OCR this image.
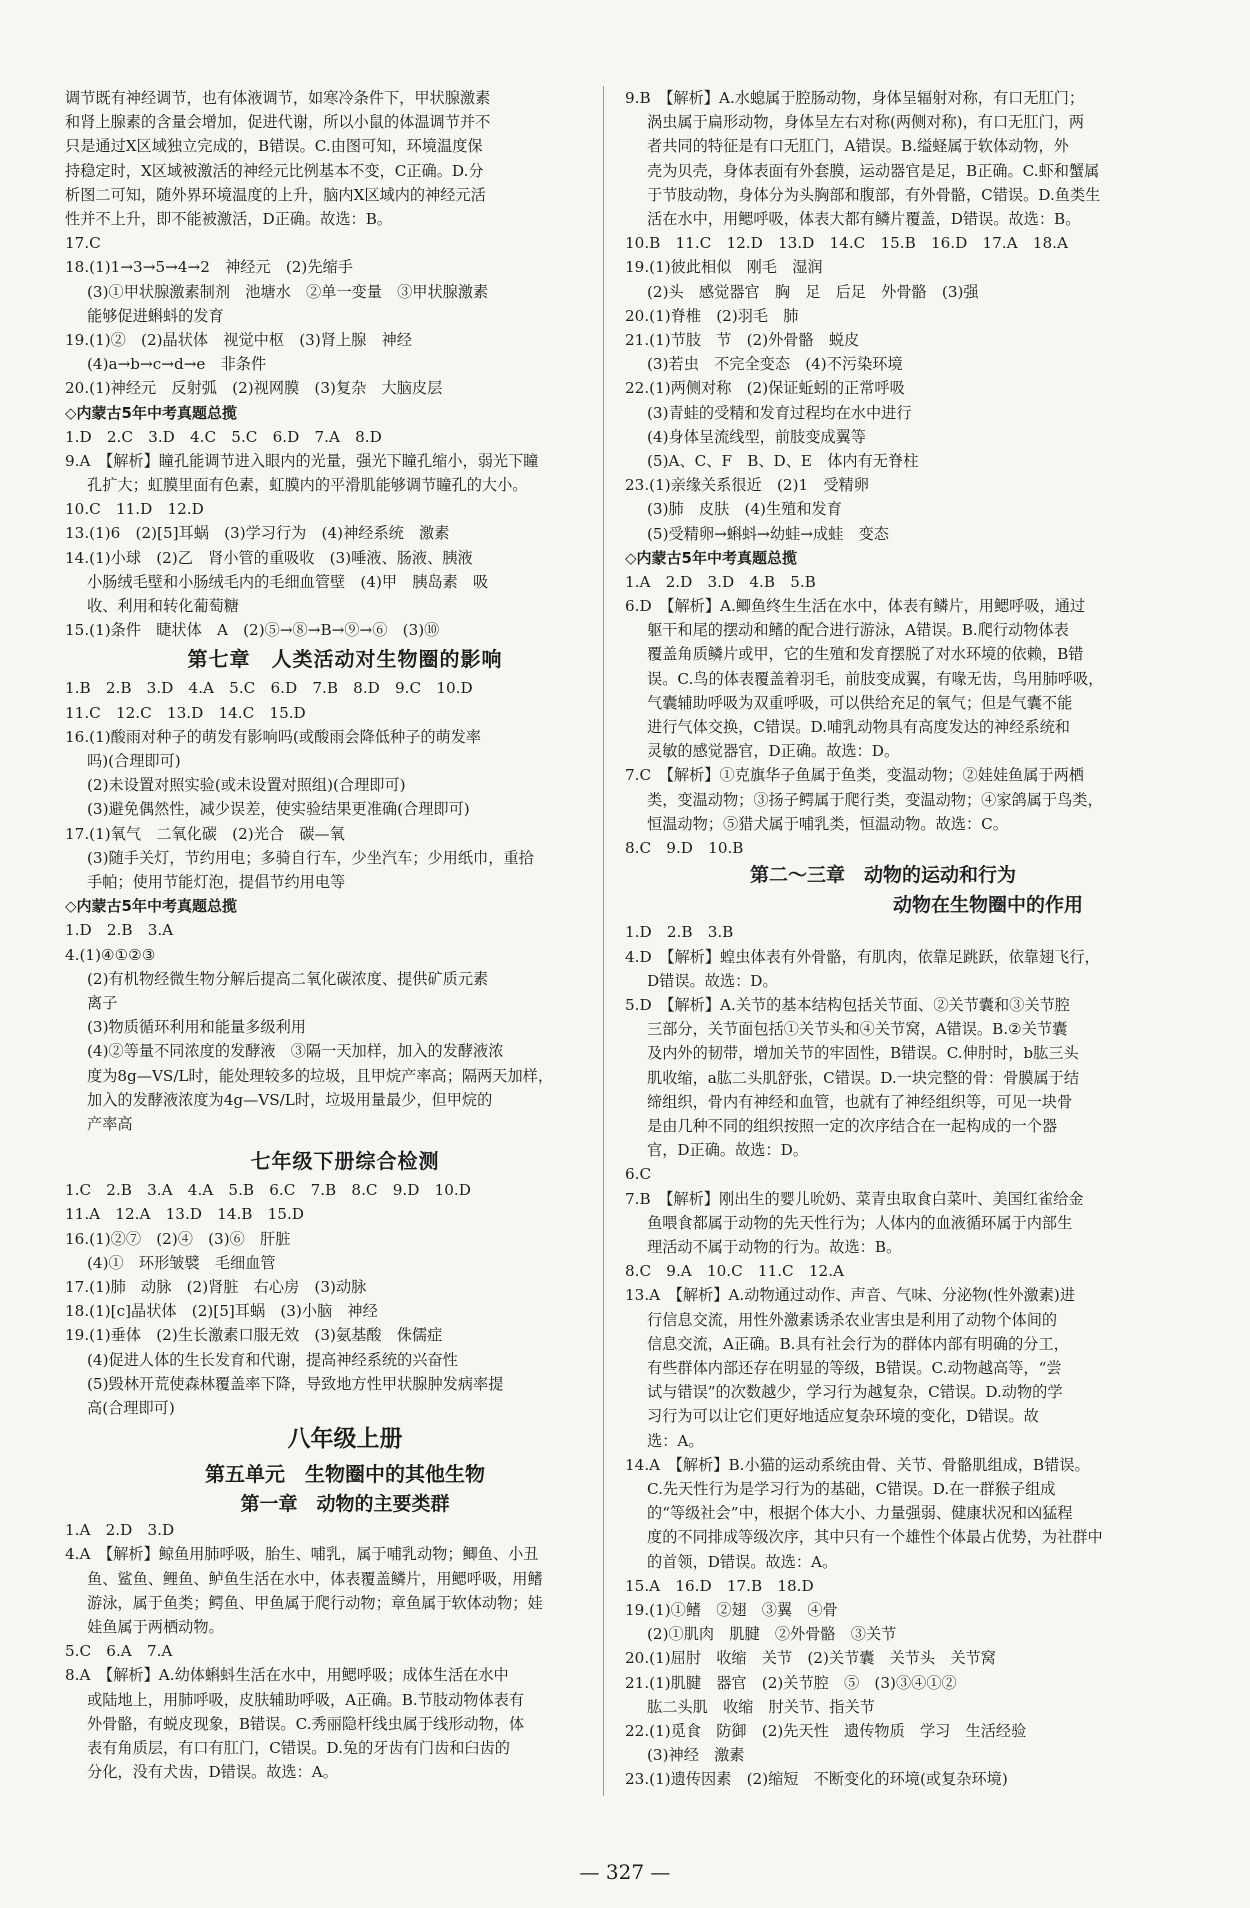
调节既有神经调节，也有体液调节，如寒冷条件下，甲状腺激素
和肾上腺素的含量会增加，促进代谢，所以小鼠的体温调节并不
只是通过X区域独立完成的，B错误。C.由图可知，环境温度保
持稳定时，X区域被激活的神经元比例基本不变，C正确。D.分
析图二可知，随外界环境温度的上升，脑内X区域内的神经元活
性并不上升，即不能被激活，D正确。故选：B。
17.C
18.(1)1→3→5→4→2　神经元　(2)先缩手
(3)①甲状腺激素制剂　池塘水　②单一变量　③甲状腺激素
能够促进蝌蚪的发育
19.(1)②　(2)晶状体　视觉中枢　(3)肾上腺　神经
(4)a→b→c→d→e　非条件
20.(1)神经元　反射弧　(2)视网膜　(3)复杂　大脑皮层
◇内蒙古5年中考真题总揽
1.D　2.C　3.D　4.C　5.C　6.D　7.A　8.D
9.A　【解析】瞳孔能调节进入眼内的光量，强光下瞳孔缩小，弱光下瞳
孔扩大；虹膜里面有色素，虹膜内的平滑肌能够调节瞳孔的大小。
10.C　11.D　12.D
13.(1)6　(2)[5]耳蜗　(3)学习行为　(4)神经系统　激素
14.(1)小球　(2)乙　肾小管的重吸收　(3)唾液、肠液、胰液
小肠绒毛壁和小肠绒毛内的毛细血管壁　(4)甲　胰岛素　吸
收、利用和转化葡萄糖
15.(1)条件　睫状体　A　(2)⑤→⑧→B→⑨→⑥　(3)⑩
第七章　人类活动对生物圈的影响
1.B　2.B　3.D　4.A　5.C　6.D　7.B　8.D　9.C　10.D
11.C　12.C　13.D　14.C　15.D
16.(1)酸雨对种子的萌发有影响吗(或酸雨会降低种子的萌发率
吗)(合理即可)
(2)未设置对照实验(或未设置对照组)(合理即可)
(3)避免偶然性，减少误差，使实验结果更准确(合理即可)
17.(1)氧气　二氧化碳　(2)光合　碳—氧
(3)随手关灯，节约用电；多骑自行车，少坐汽车；少用纸巾，重拾
手帕；使用节能灯泡，提倡节约用电等
◇内蒙古5年中考真题总揽
1.D　2.B　3.A
4.(1)④①②③
(2)有机物经微生物分解后提高二氧化碳浓度、提供矿质元素
离子
(3)物质循环利用和能量多级利用
(4)②等量不同浓度的发酵液　③隔一天加样，加入的发酵液浓
度为8g—VS/L时，能处理较多的垃圾，且甲烷产率高；隔两天加样，
加入的发酵液浓度为4g—VS/L时，垃圾用量最少，但甲烷的
产率高
七年级下册综合检测
1.C　2.B　3.A　4.A　5.B　6.C　7.B　8.C　9.D　10.D
11.A　12.A　13.D　14.B　15.D
16.(1)②⑦　(2)④　(3)⑥　肝脏
(4)①　环形皱襞　毛细血管
17.(1)肺　动脉　(2)肾脏　右心房　(3)动脉
18.(1)[c]晶状体　(2)[5]耳蜗　(3)小脑　神经
19.(1)垂体　(2)生长激素口服无效　(3)氨基酸　侏儒症
(4)促进人体的生长发育和代谢，提高神经系统的兴奋性
(5)毁林开荒使森林覆盖率下降，导致地方性甲状腺肿发病率提
高(合理即可)
八年级上册
第五单元　生物圈中的其他生物
第一章　动物的主要类群
1.A　2.D　3.D
4.A　【解析】鲸鱼用肺呼吸，胎生、哺乳，属于哺乳动物；鲫鱼、小丑
鱼、鲨鱼、鲤鱼、鲈鱼生活在水中，体表覆盖鳞片，用鳃呼吸，用鳍
游泳，属于鱼类；鳄鱼、甲鱼属于爬行动物；章鱼属于软体动物；娃
娃鱼属于两栖动物。
5.C　6.A　7.A
8.A　【解析】A.幼体蝌蚪生活在水中，用鳃呼吸；成体生活在水中
或陆地上，用肺呼吸，皮肤辅助呼吸，A正确。B.节肢动物体表有
外骨骼，有蜕皮现象，B错误。C.秀丽隐杆线虫属于线形动物，体
表有角质层，有口有肛门，C错误。D.兔的牙齿有门齿和臼齿的
分化，没有犬齿，D错误。故选：A。
9.B　【解析】A.水螅属于腔肠动物，身体呈辐射对称，有口无肛门；
涡虫属于扁形动物，身体呈左右对称(两侧对称)，有口无肛门，两
者共同的特征是有口无肛门，A错误。B.缢蛏属于软体动物，外
壳为贝壳，身体表面有外套膜，运动器官是足，B正确。C.虾和蟹属
于节肢动物，身体分为头胸部和腹部，有外骨骼，C错误。D.鱼类生
活在水中，用鳃呼吸，体表大都有鳞片覆盖，D错误。故选：B。
10.B　11.C　12.D　13.D　14.C　15.B　16.D　17.A　18.A
19.(1)彼此相似　刚毛　湿润
(2)头　感觉器官　胸　足　后足　外骨骼　(3)强
20.(1)脊椎　(2)羽毛　肺
21.(1)节肢　节　(2)外骨骼　蜕皮
(3)若虫　不完全变态　(4)不污染环境
22.(1)两侧对称　(2)保证蚯蚓的正常呼吸
(3)青蛙的受精和发育过程均在水中进行
(4)身体呈流线型，前肢变成翼等
(5)A、C、F　B、D、E　体内有无脊柱
23.(1)亲缘关系很近　(2)1　受精卵
(3)肺　皮肤　(4)生殖和发育
(5)受精卵→蝌蚪→幼蛙→成蛙　变态
◇内蒙古5年中考真题总揽
1.A　2.D　3.D　4.B　5.B
6.D　【解析】A.鲫鱼终生生活在水中，体表有鳞片，用鳃呼吸，通过
躯干和尾的摆动和鳍的配合进行游泳，A错误。B.爬行动物体表
覆盖角质鳞片或甲，它的生殖和发育摆脱了对水环境的依赖，B错
误。C.鸟的体表覆盖着羽毛，前肢变成翼，有喙无齿，鸟用肺呼吸，
气囊辅助呼吸为双重呼吸，可以供给充足的氧气；但是气囊不能
进行气体交换，C错误。D.哺乳动物具有高度发达的神经系统和
灵敏的感觉器官，D正确。故选：D。
7.C　【解析】①克旗华子鱼属于鱼类，变温动物；②娃娃鱼属于两栖
类，变温动物；③扬子鳄属于爬行类，变温动物；④家鸽属于鸟类，
恒温动物；⑤猎犬属于哺乳类，恒温动物。故选：C。
8.C　9.D　10.B
第二～三章　动物的运动和行为
动物在生物圈中的作用
1.D　2.B　3.B
4.D　【解析】蝗虫体表有外骨骼，有肌肉，依靠足跳跃，依靠翅飞行，
D错误。故选：D。
5.D　【解析】A.关节的基本结构包括关节面、②关节囊和③关节腔
三部分，关节面包括①关节头和④关节窝，A错误。B.②关节囊
及内外的韧带，增加关节的牢固性，B错误。C.伸肘时，b肱三头
肌收缩，a肱二头肌舒张，C错误。D.一块完整的骨：骨膜属于结
缔组织，骨内有神经和血管，也就有了神经组织等，可见一块骨
是由几种不同的组织按照一定的次序结合在一起构成的一个器
官，D正确。故选：D。
6.C
7.B　【解析】刚出生的婴儿吮奶、菜青虫取食白菜叶、美国红雀给金
鱼喂食都属于动物的先天性行为；人体内的血液循环属于内部生
理活动不属于动物的行为。故选：B。
8.C　9.A　10.C　11.C　12.A
13.A　【解析】A.动物通过动作、声音、气味、分泌物(性外激素)进
行信息交流，用性外激素诱杀农业害虫是利用了动物个体间的
信息交流，A正确。B.具有社会行为的群体内部有明确的分工，
有些群体内部还存在明显的等级，B错误。C.动物越高等，“尝
试与错误”的次数越少，学习行为越复杂，C错误。D.动物的学
习行为可以让它们更好地适应复杂环境的变化，D错误。故
选：A。
14.A　【解析】B.小猫的运动系统由骨、关节、骨骼肌组成，B错误。
C.先天性行为是学习行为的基础，C错误。D.在一群猴子组成
的“等级社会”中，根据个体大小、力量强弱、健康状况和凶猛程
度的不同排成等级次序，其中只有一个雄性个体最占优势，为社群中
的首领，D错误。故选：A。
15.A　16.D　17.B　18.D
19.(1)①鳍　②翅　③翼　④骨
(2)①肌肉　肌腱　②外骨骼　③关节
20.(1)屈肘　收缩　关节　(2)关节囊　关节头　关节窝
21.(1)肌腱　器官　(2)关节腔　⑤　(3)③④①②
肱二头肌　收缩　肘关节、指关节
22.(1)觅食　防御　(2)先天性　遗传物质　学习　生活经验
(3)神经　激素
23.(1)遗传因素　(2)缩短　不断变化的环境(或复杂环境)
— 327 —
